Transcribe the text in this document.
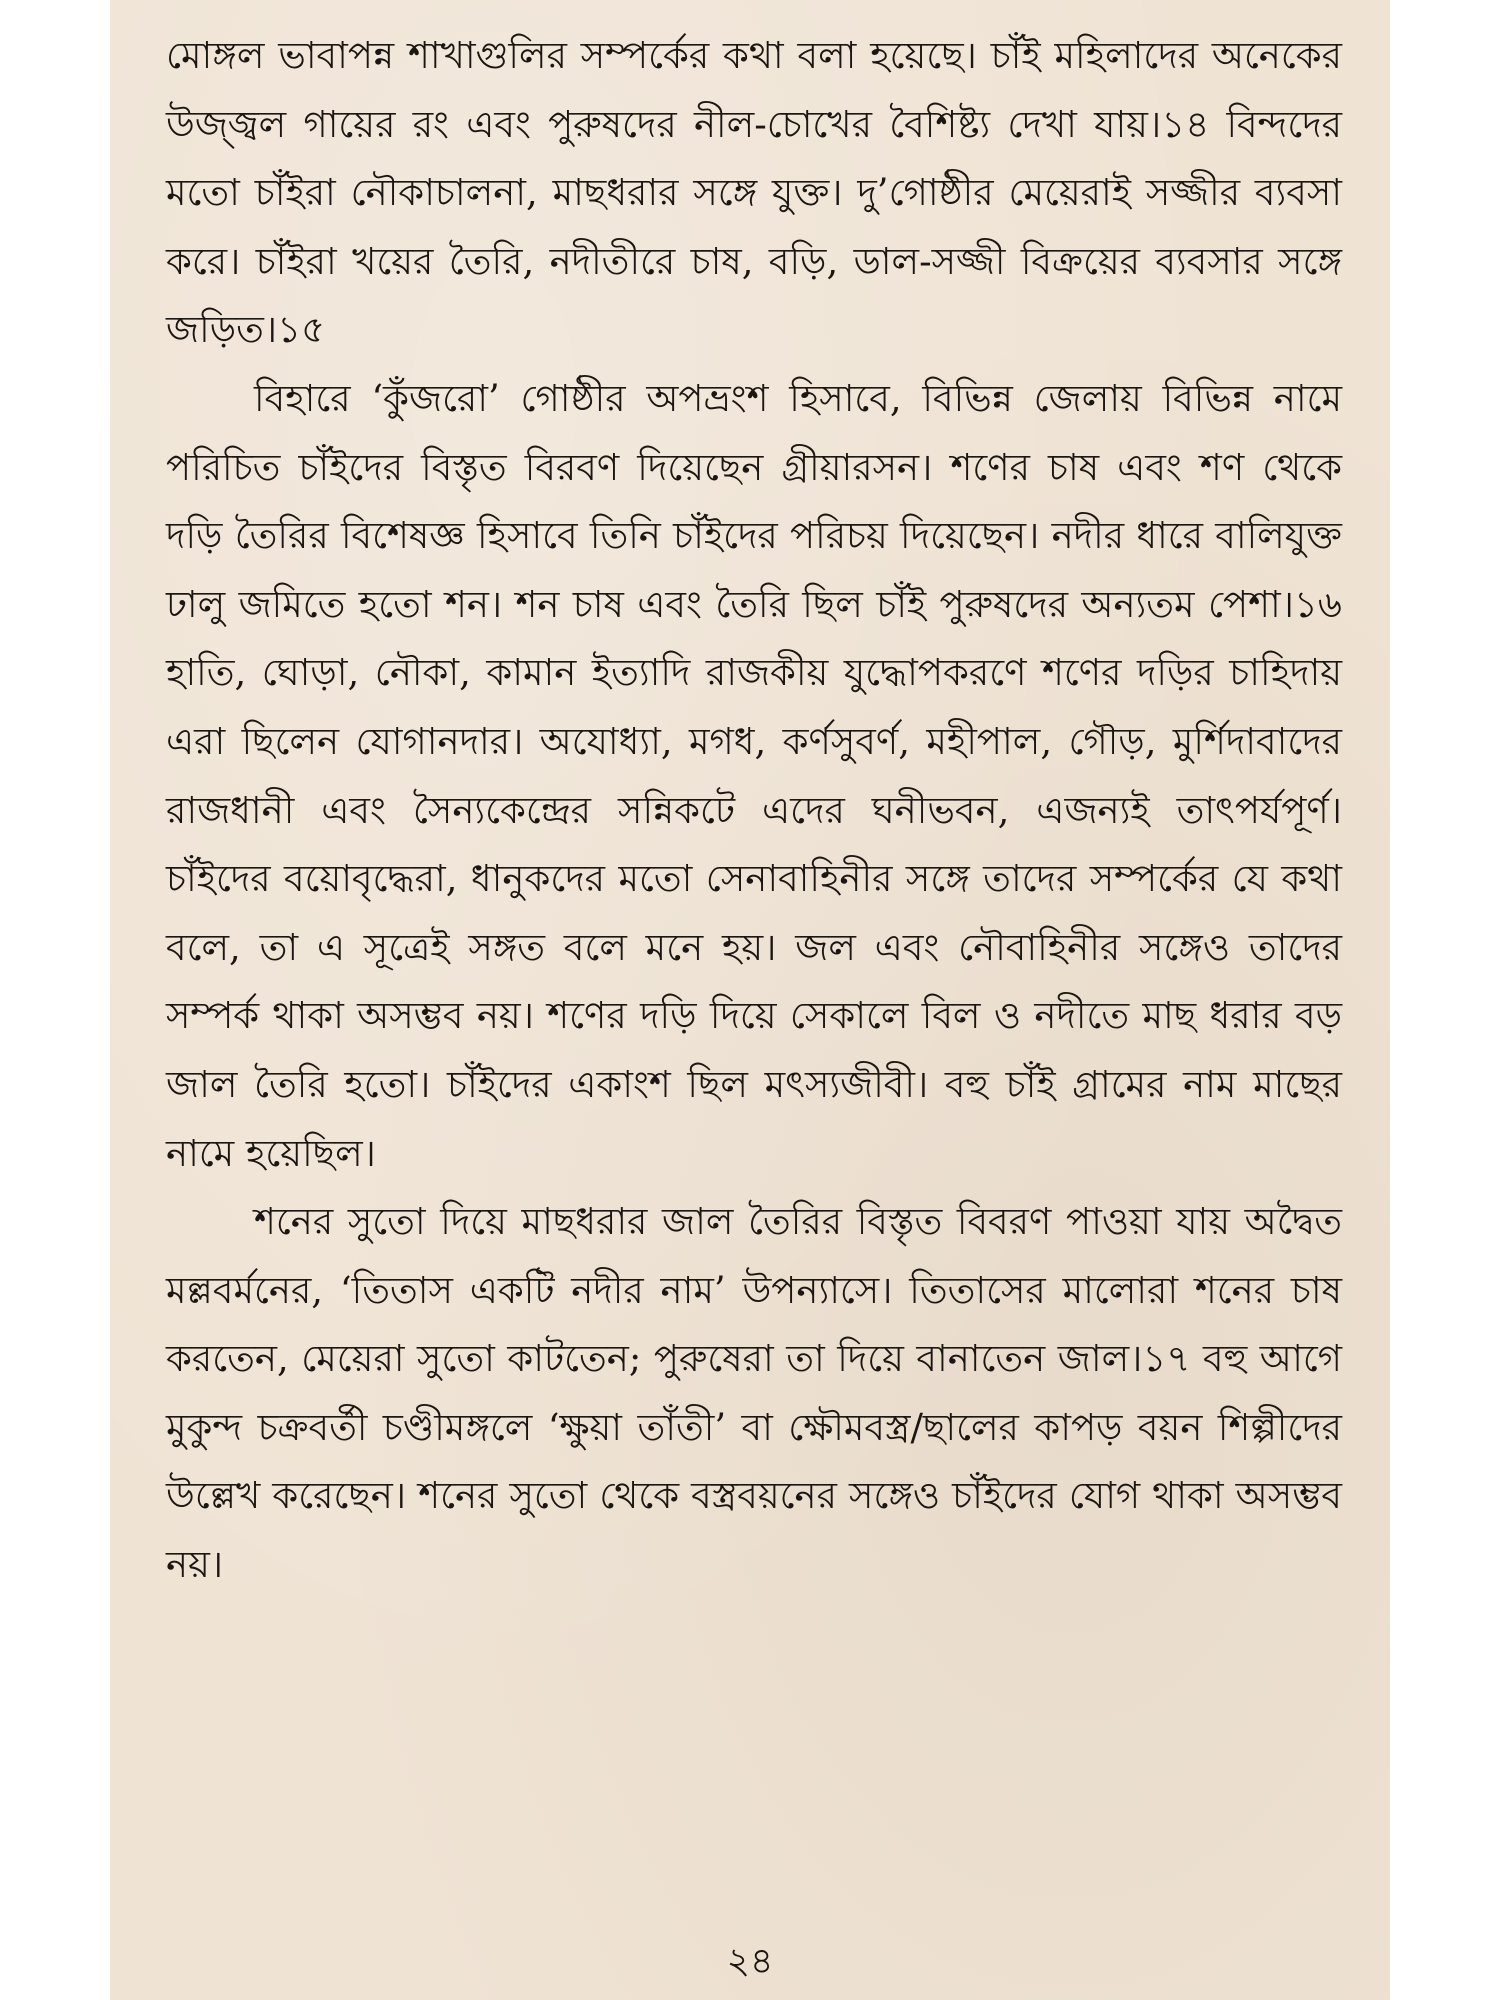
মোঙ্গল ভাবাপন্ন শাখাগুলির সম্পর্কের কথা বলা হয়েছে। চাঁই মহিলাদের অনেকের উজ্জ্বল গায়ের রং এবং পুরুষদের নীল-চোখের বৈশিষ্ট্য দেখা যায়।১৪ বিন্দদের মতো চাঁইরা নৌকাচালনা, মাছধরার সঙ্গে যুক্ত। দু’গোষ্ঠীর মেয়েরাই সজ্জীর ব্যবসা করে। চাঁইরা খয়ের তৈরি, নদীতীরে চাষ, বড়ি, ডাল-সজ্জী বিক্রয়ের ব্যবসার সঙ্গে জড়িত।১৫

বিহারে ‘কুঁজরো’ গোষ্ঠীর অপভ্রংশ হিসাবে, বিভিন্ন জেলায় বিভিন্ন নামে পরিচিত চাঁইদের বিস্তৃত বিরবণ দিয়েছেন গ্রীয়ারসন। শণের চাষ এবং শণ থেকে দড়ি তৈরির বিশেষজ্ঞ হিসাবে তিনি চাঁইদের পরিচয় দিয়েছেন। নদীর ধারে বালিযুক্ত ঢালু জমিতে হতো শন। শন চাষ এবং তৈরি ছিল চাঁই পুরুষদের অন্যতম পেশা।১৬ হাতি, ঘোড়া, নৌকা, কামান ইত্যাদি রাজকীয় যুদ্ধোপকরণে শণের দড়ির চাহিদায় এরা ছিলেন যোগানদার। অযোধ্যা, মগধ, কর্ণসুবর্ণ, মহীপাল, গৌড়, মুর্শিদাবাদের রাজধানী এবং সৈন্যকেন্দ্রের সন্নিকটে এদের ঘনীভবন, এজন্যই তাৎপর্যপূর্ণ। চাঁইদের বয়োবৃদ্ধেরা, ধানুকদের মতো সেনাবাহিনীর সঙ্গে তাদের সম্পর্কের যে কথা বলে, তা এ সূত্রেই সঙ্গত বলে মনে হয়। জল এবং নৌবাহিনীর সঙ্গেও তাদের সম্পর্ক থাকা অসম্ভব নয়। শণের দড়ি দিয়ে সেকালে বিল ও নদীতে মাছ ধরার বড় জাল তৈরি হতো। চাঁইদের একাংশ ছিল মৎস্যজীবী। বহু চাঁই গ্রামের নাম মাছের নামে হয়েছিল।

শনের সুতো দিয়ে মাছধরার জাল তৈরির বিস্তৃত বিবরণ পাওয়া যায় অদ্বৈত মল্লবর্মনের, ‘তিতাস একটি নদীর নাম’ উপন্যাসে। তিতাসের মালোরা শনের চাষ করতেন, মেয়েরা সুতো কাটতেন; পুরুষেরা তা দিয়ে বানাতেন জাল।১৭ বহু আগে মুকুন্দ চক্রবর্তী চণ্ডীমঙ্গলে ‘ক্ষুয়া তাঁতী’ বা ক্ষৌমবস্ত্র/ছালের কাপড় বয়ন শিল্পীদের উল্লেখ করেছেন। শনের সুতো থেকে বস্ত্রবয়নের সঙ্গেও চাঁইদের যোগ থাকা অসম্ভব নয়।

২৪
